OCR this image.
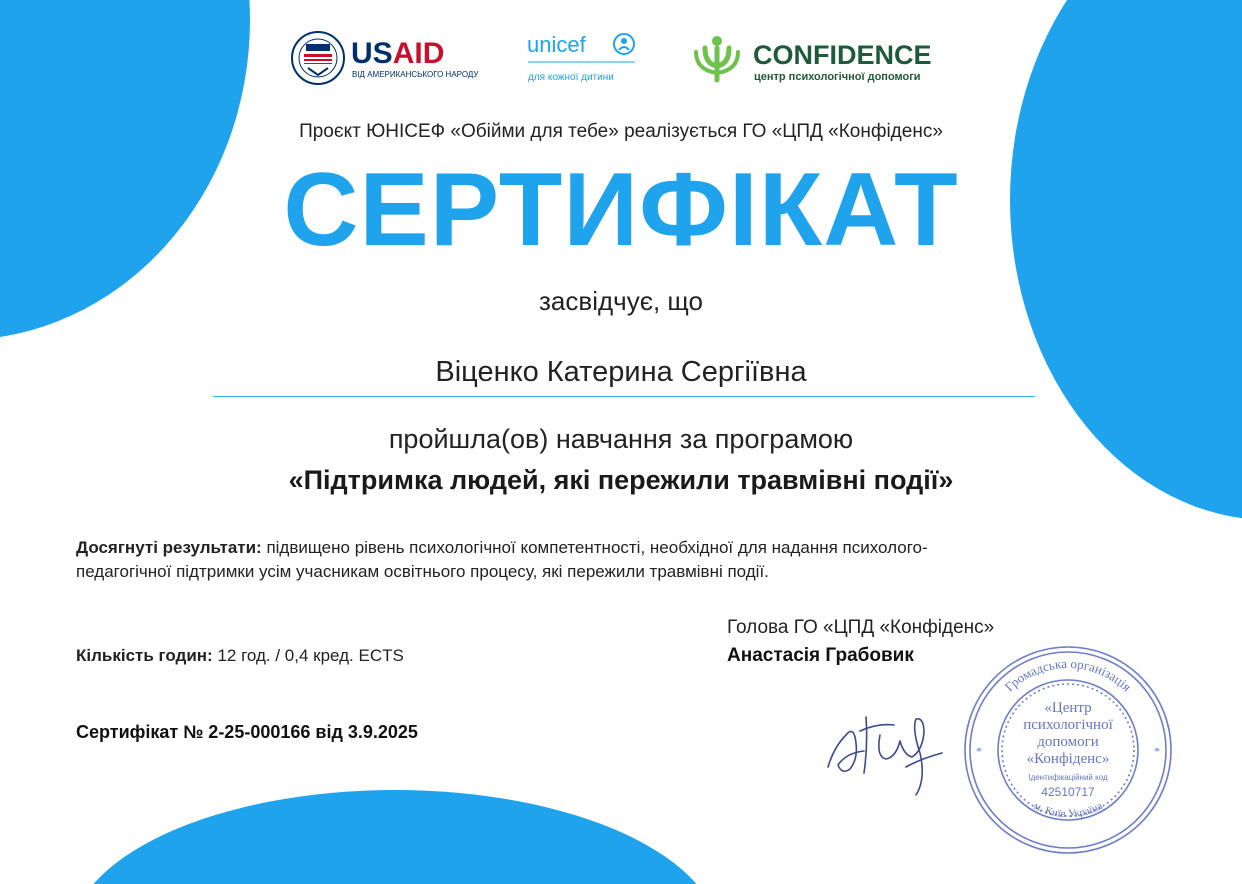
USAID
ВІД АМЕРИКАНСЬКОГО НАРОДУ
unicef
для кожної дитини
CONFIDENCE
центр психологічної допомоги
Проєкт ЮНІСЕФ «Обійми для тебе» реалізується ГО «ЦПД «Конфіденс»
СЕРТИФІКАТ
засвідчує, що
Віценко Катерина Сергіївна
пройшла(ов) навчання за програмою
«Підтримка людей, які пережили травмівні події»
Досягнуті результати: підвищено рівень психологічної компетентності, необхідної для надання психолого-педагогічної підтримки усім учасникам освітнього процесу, які пережили травмівні події.
Кількість годин: 12 год. / 0,4 кред. ECTS
Сертифікат № 2-25-000166 від 3.9.2025
Голова ГО «ЦПД «Конфіденс»
Анастасія Грабовик
Громадська організація
м. Київ Україна
«Центр
психологічної
допомоги
«Конфіденс»
Ідентифікаційний код
42510717
*	*
